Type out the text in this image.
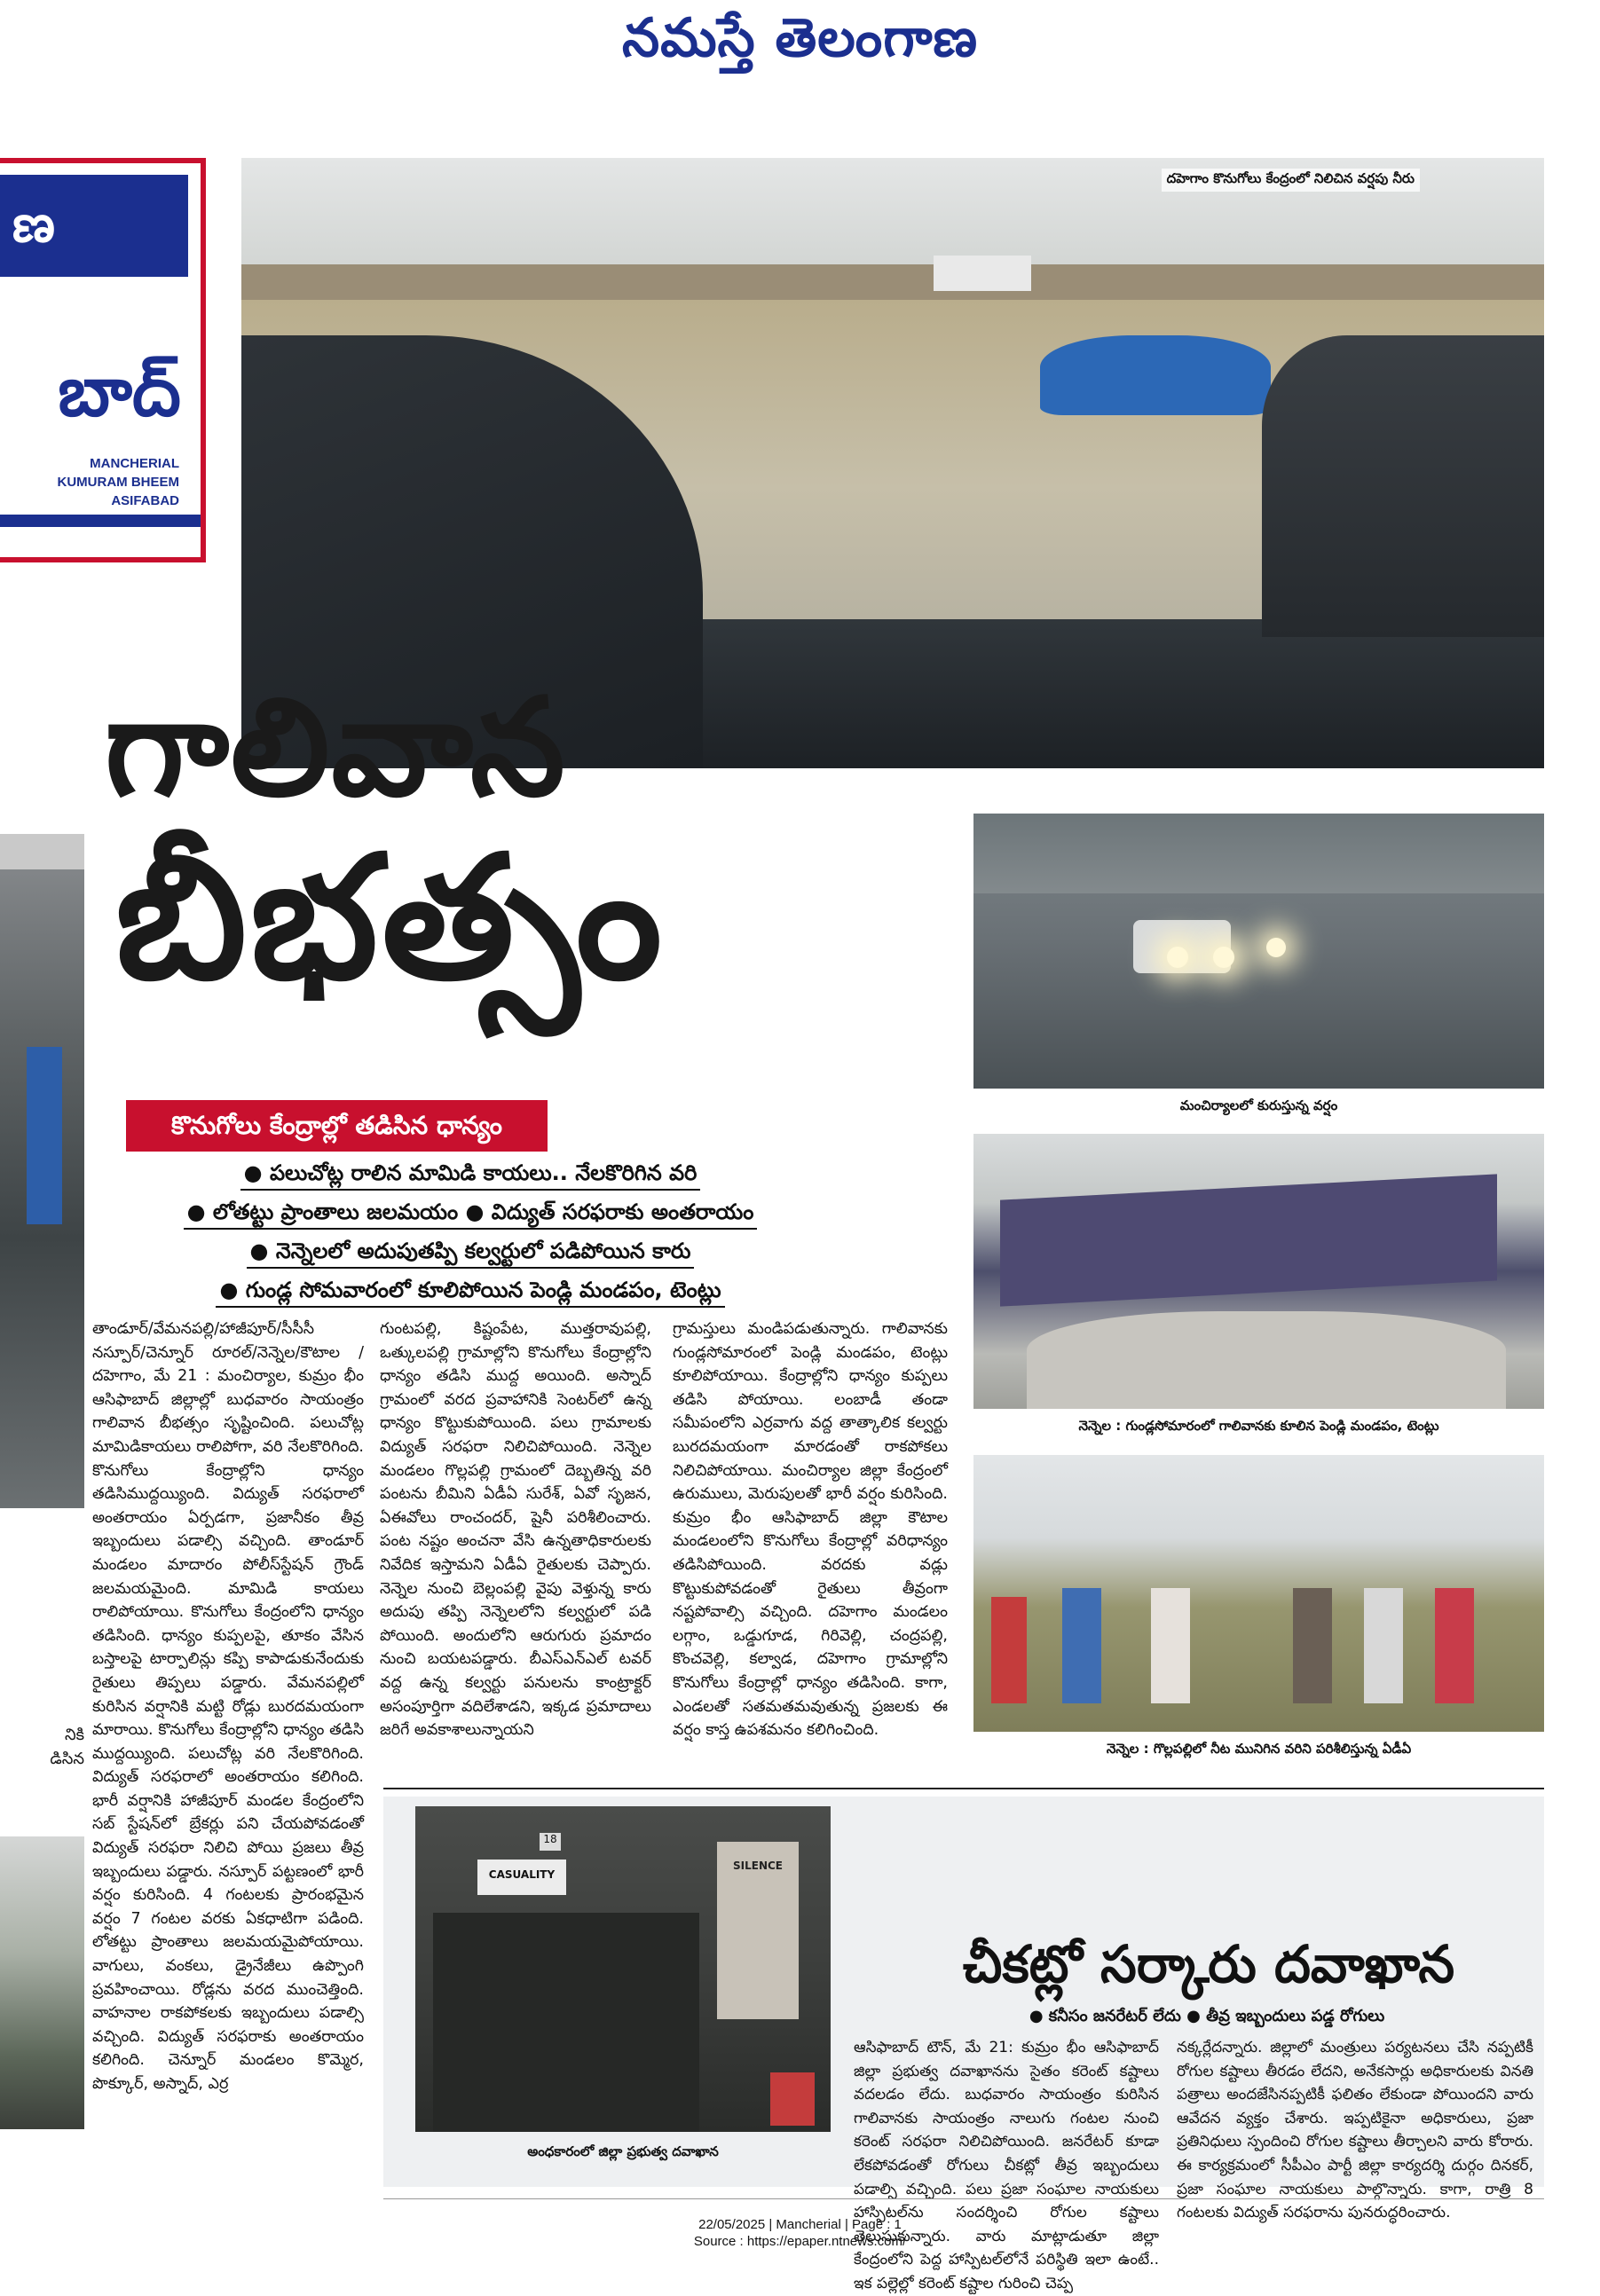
నమస్తే తెలంగాణ
ణ
బాద్
MANCHERIAL
KUMURAM BHEEM
ASIFABAD
నికి
డిసిన
దహెగాం కొనుగోలు కేంద్రంలో నిలిచిన వర్షపు నీరు
గాలివాన
బీభత్సం
కొనుగోలు కేంద్రాల్లో తడిసిన ధాన్యం
● పలుచోట్ల రాలిన మామిడి కాయలు.. నేలకొరిగిన వరి
● లోతట్టు ప్రాంతాలు జలమయం ● విద్యుత్ సరఫరాకు అంతరాయం
● నెన్నెలలో అదుపుతప్పి కల్వర్టులో పడిపోయిన కారు
● గుండ్ల సోమవారంలో కూలిపోయిన పెండ్లి మండపం, టెంట్లు
మంచిర్యాలలో కురుస్తున్న వర్షం
నెన్నెల : గుండ్లసోమారంలో గాలివానకు కూలిన పెండ్లి మండపం, టెంట్లు
నెన్నెల : గొల్లపల్లిలో నీట మునిగిన వరిని పరిశీలిస్తున్న ఏడీఏ

తాండూర్/వేమనపల్లి/హాజీపూర్/సీసీసీ నస్పూర్/చెన్నూర్ రూరల్/నెన్నెల/కౌటాల /దహెగాం, మే 21 : మంచిర్యాల, కుమ్రం భీం ఆసిఫాబాద్ జిల్లాల్లో బుధవారం సాయంత్రం గాలివాన బీభత్సం సృష్టించింది. పలుచోట్ల మామిడికాయలు రాలిపోగా, వరి నేలకొరిగింది. కొనుగోలు కేంద్రాల్లోని ధాన్యం తడిసిముద్దయ్యింది. విద్యుత్ సరఫరాలో అంతరాయం ఏర్పడగా, ప్రజానీకం తీవ్ర ఇబ్బందులు పడాల్సి వచ్చింది. తాండూర్ మండలం మాదారం పోలీస్‌స్టేషన్ గ్రౌండ్ జలమయమైంది. మామిడి కాయలు రాలిపోయాయి. కొనుగోలు కేంద్రంలోని ధాన్యం తడిసింది. ధాన్యం కుప్పలపై, తూకం వేసిన బస్తాలపై టార్పాలిన్లు కప్పి కాపాడుకునేందుకు రైతులు తిప్పలు పడ్డారు. వేమనపల్లిలో కురిసిన వర్షానికి మట్టి రోడ్లు బురదమయంగా మారాయి. కొనుగోలు కేంద్రాల్లోని ధాన్యం తడిసి ముద్దయ్యింది. పలుచోట్ల వరి నేలకొరిగింది. విద్యుత్ సరఫరాలో అంతరాయం కలిగింది. భారీ వర్షానికి హాజీపూర్ మండల కేంద్రంలోని సబ్ స్టేషన్‌లో బ్రేకర్లు పని చేయపోవడంతో విద్యుత్ సరఫరా నిలిచి పోయి ప్రజలు తీవ్ర ఇబ్బందులు పడ్డారు. నస్పూర్ పట్టణంలో భారీ వర్షం కురిసింది. 4 గంటలకు ప్రారంభమైన వర్షం 7 గంటల వరకు ఏకధాటిగా పడింది. లోతట్టు ప్రాంతాలు జలమయమైపోయాయి. వాగులు, వంకలు, డ్రైనేజీలు ఉప్పొంగి ప్రవహించాయి. రోడ్లను వరద ముంచెత్తింది. వాహనాల రాకపోకలకు ఇబ్బందులు పడాల్సి వచ్చింది. విద్యుత్ సరఫరాకు అంతరాయం కలిగింది. చెన్నూర్ మండలం కొమ్మెర, పొక్కూర్, అస్నాద్, ఎర్ర

గుంటపల్లి, కిష్టంపేట, ముత్తరావుపల్లి, ఒత్కులపల్లి గ్రామాల్లోని కొనుగోలు కేంద్రాల్లోని ధాన్యం తడిసి ముద్ద అయింది. అస్నాద్ గ్రామంలో వరద ప్రవాహానికి సెంటర్‌లో ఉన్న ధాన్యం కొట్టుకుపోయింది. పలు గ్రామాలకు విద్యుత్ సరఫరా నిలిచిపోయింది. నెన్నెల మండలం గొల్లపల్లి గ్రామంలో దెబ్బతిన్న వరి పంటను బీమిని ఏడీఏ సురేశ్, ఏవో సృజన, ఏఈవోలు రాంచందర్, షైనీ పరిశీలించారు. పంట నష్టం అంచనా వేసి ఉన్నతాధికారులకు నివేదిక ఇస్తామని ఏడీఏ రైతులకు చెప్పారు. నెన్నెల నుంచి బెల్లంపల్లి వైపు వెళ్తున్న కారు అదుపు తప్పి నెన్నెలలోని కల్వర్టులో పడి పోయింది. అందులోని ఆరుగురు ప్రమాదం నుంచి బయటపడ్డారు. బీఎస్ఎన్ఎల్ టవర్ వద్ద ఉన్న కల్వర్టు పనులను కాంట్రాక్టర్ అసంపూర్తిగా వదిలేశాడని, ఇక్కడ ప్రమాదాలు జరిగే అవకాశాలున్నాయని

గ్రామస్తులు మండిపడుతున్నారు. గాలివానకు గుండ్లసోమారంలో పెండ్లి మండపం, టెంట్లు కూలిపోయాయి. కేంద్రాల్లోని ధాన్యం కుప్పలు తడిసి పోయాయి. లంబాడీ తండా సమీపంలోని ఎర్రవాగు వద్ద తాత్కాలిక కల్వర్టు బురదమయంగా మారడంతో రాకపోకలు నిలిచిపోయాయి. మంచిర్యాల జిల్లా కేంద్రంలో ఉరుములు, మెరుపులతో భారీ వర్షం కురిసింది. కుమ్రం భీం ఆసిఫాబాద్ జిల్లా కౌటాల మండలంలోని కొనుగోలు కేంద్రాల్లో వరిధాన్యం తడిసిపోయింది. వరదకు వడ్లు కొట్టుకుపోవడంతో రైతులు తీవ్రంగా నష్టపోవాల్సి వచ్చింది. దహెగాం మండలం లగ్గాం, ఒడ్డుగూడ, గిరివెల్లి, చంద్రపల్లి, కొంచవెల్లి, కల్వాడ, దహెగాం గ్రామాల్లోని కొనుగోలు కేంద్రాల్లో ధాన్యం తడిసింది. కాగా, ఎండలతో సతమతమవుతున్న ప్రజలకు ఈ వర్షం కాస్త ఉపశమనం కలిగించింది.

CASUALITY
18
SILENCE
అంధకారంలో జిల్లా ప్రభుత్వ దవాఖాన
చీకట్లో సర్కారు దవాఖాన
● కనీసం జనరేటర్ లేదు ● తీవ్ర ఇబ్బందులు పడ్డ రోగులు

ఆసిఫాబాద్ టౌన్, మే 21: కుమ్రం భీం ఆసిఫాబాద్ జిల్లా ప్రభుత్వ దవాఖానను సైతం కరెంట్ కష్టాలు వదలడం లేదు. బుధవారం సాయంత్రం కురిసిన గాలివానకు సాయంత్రం నాలుగు గంటల నుంచి కరెంట్ సరఫరా నిలిచిపోయింది. జనరేటర్ కూడా లేకపోవడంతో రోగులు చీకట్లో తీవ్ర ఇబ్బందులు పడాల్సి వచ్చింది. పలు ప్రజా సంఘాల నాయకులు హాస్పిటల్‌ను సందర్శించి రోగుల కష్టాలు తెలుసుకున్నారు. వారు మాట్లాడుతూ జిల్లా కేంద్రంలోని పెద్ద హాస్పిటల్‌లోనే పరిస్థితి ఇలా ఉంటే.. ఇక పల్లెల్లో కరెంట్ కష్టాల గురించి చెప్ప

నక్కర్లేదన్నారు. జిల్లాలో మంత్రులు పర్యటనలు చేసి నప్పటికీ రోగుల కష్టాలు తీరడం లేదని, అనేకసార్లు అధికారులకు వినతి పత్రాలు అందజేసినప్పటికీ ఫలితం లేకుండా పోయిందని వారు ఆవేదన వ్యక్తం చేశారు. ఇప్పటికైనా అధికారులు, ప్రజా ప్రతినిధులు స్పందించి రోగుల కష్టాలు తీర్చాలని వారు కోరారు. ఈ కార్యక్రమంలో సీపీఎం పార్టీ జిల్లా కార్యదర్శి దుర్గం దినకర్, ప్రజా సంఘాల నాయకులు పాల్గొన్నారు. కాగా, రాత్రి 8 గంటలకు విద్యుత్ సరఫరాను పునరుద్ధరించారు.

22/05/2025 | Mancherial | Page : 1
Source : https://epaper.ntnews.com/
